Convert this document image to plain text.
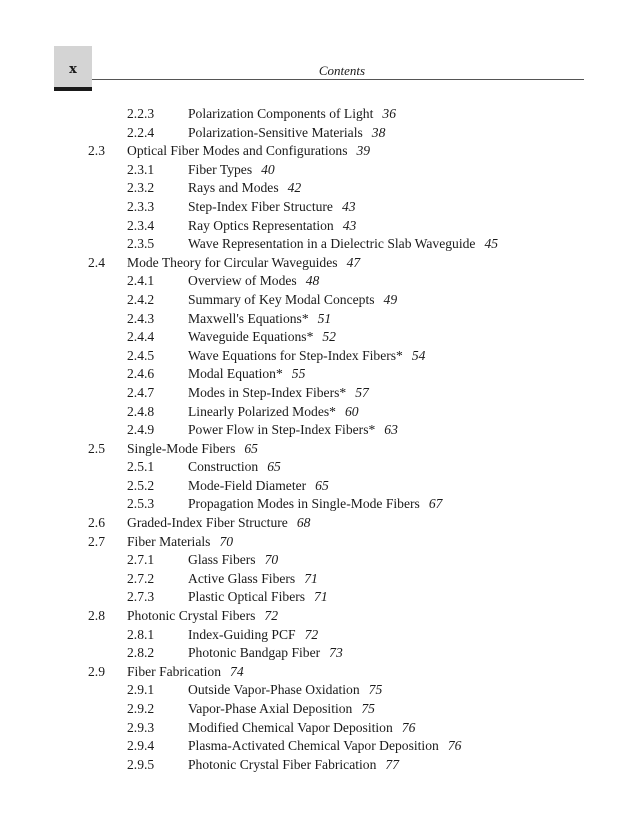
x	Contents
2.2.3 Polarization Components of Light 36
2.2.4 Polarization-Sensitive Materials 38
2.3 Optical Fiber Modes and Configurations 39
2.3.1 Fiber Types 40
2.3.2 Rays and Modes 42
2.3.3 Step-Index Fiber Structure 43
2.3.4 Ray Optics Representation 43
2.3.5 Wave Representation in a Dielectric Slab Waveguide 45
2.4 Mode Theory for Circular Waveguides 47
2.4.1 Overview of Modes 48
2.4.2 Summary of Key Modal Concepts 49
2.4.3 Maxwell's Equations* 51
2.4.4 Waveguide Equations* 52
2.4.5 Wave Equations for Step-Index Fibers* 54
2.4.6 Modal Equation* 55
2.4.7 Modes in Step-Index Fibers* 57
2.4.8 Linearly Polarized Modes* 60
2.4.9 Power Flow in Step-Index Fibers* 63
2.5 Single-Mode Fibers 65
2.5.1 Construction 65
2.5.2 Mode-Field Diameter 65
2.5.3 Propagation Modes in Single-Mode Fibers 67
2.6 Graded-Index Fiber Structure 68
2.7 Fiber Materials 70
2.7.1 Glass Fibers 70
2.7.2 Active Glass Fibers 71
2.7.3 Plastic Optical Fibers 71
2.8 Photonic Crystal Fibers 72
2.8.1 Index-Guiding PCF 72
2.8.2 Photonic Bandgap Fiber 73
2.9 Fiber Fabrication 74
2.9.1 Outside Vapor-Phase Oxidation 75
2.9.2 Vapor-Phase Axial Deposition 75
2.9.3 Modified Chemical Vapor Deposition 76
2.9.4 Plasma-Activated Chemical Vapor Deposition 76
2.9.5 Photonic Crystal Fiber Fabrication 77
